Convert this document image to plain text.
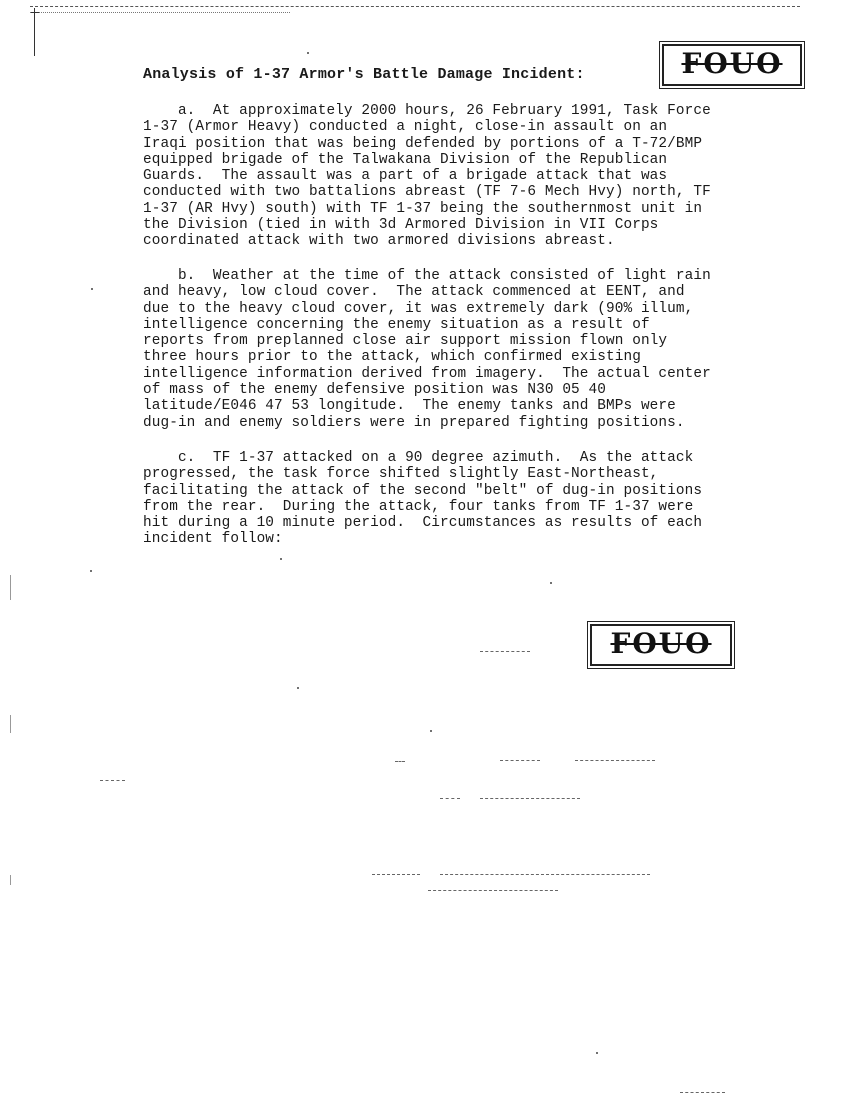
Analysis of 1-37 Armor's Battle Damage Incident:	FOUO

a.  At approximately 2000 hours, 26 February 1991, Task Force
1-37 (Armor Heavy) conducted a night, close-in assault on an
Iraqi position that was being defended by portions of a T-72/BMP
equipped brigade of the Talwakana Division of the Republican
Guards.  The assault was a part of a brigade attack that was
conducted with two battalions abreast (TF 7-6 Mech Hvy) north, TF
1-37 (AR Hvy) south) with TF 1-37 being the southernmost unit in
the Division (tied in with 3d Armored Division in VII Corps
coordinated attack with two armored divisions abreast.

b.  Weather at the time of the attack consisted of light rain
and heavy, low cloud cover.  The attack commenced at EENT, and
due to the heavy cloud cover, it was extremely dark (90% illum,
intelligence concerning the enemy situation as a result of
reports from preplanned close air support mission flown only
three hours prior to the attack, which confirmed existing
intelligence information derived from imagery.  The actual center
of mass of the enemy defensive position was N30 05 40
latitude/E046 47 53 longitude.  The enemy tanks and BMPs were
dug-in and enemy soldiers were in prepared fighting positions.

c.  TF 1-37 attacked on a 90 degree azimuth.  As the attack
progressed, the task force shifted slightly East-Northeast,
facilitating the attack of the second "belt" of dug-in positions
from the rear.  During the attack, four tanks from TF 1-37 were
hit during a 10 minute period.  Circumstances as results of each
incident follow:

FOUO
